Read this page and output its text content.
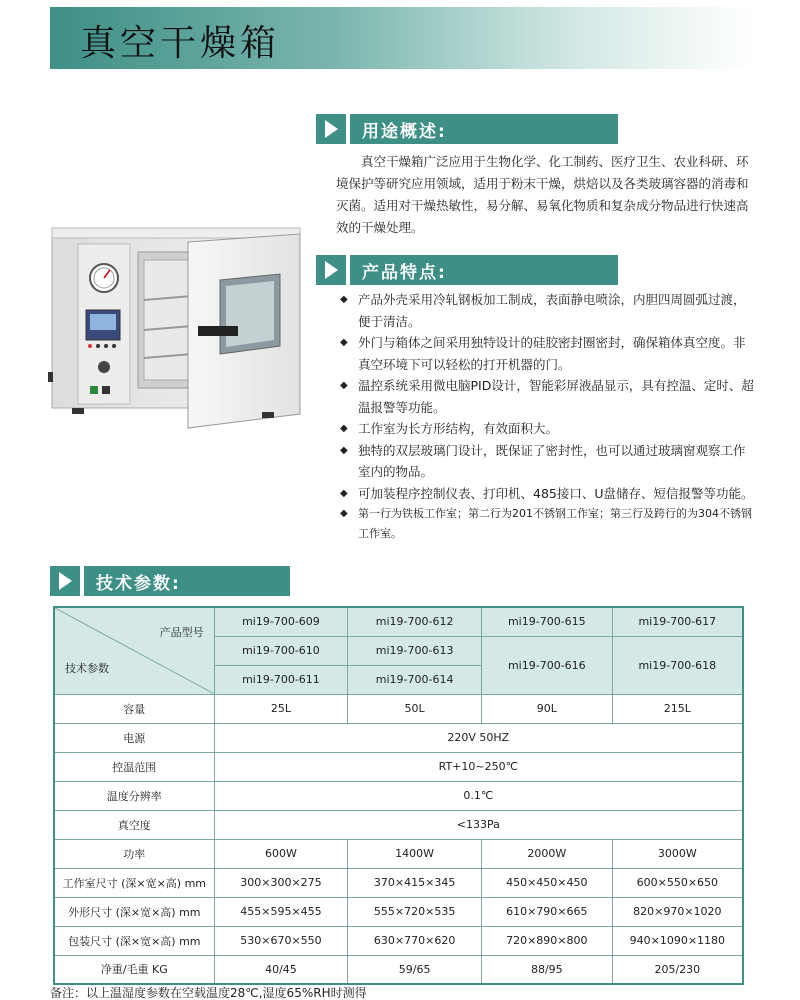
真空干燥箱
用途概述:

真空干燥箱广泛应用于生物化学、化工制药、医疗卫生、农业科研、环境保护等研究应用领域，适用于粉末干燥，烘焙以及各类玻璃容器的消毒和灭菌。适用对干燥热敏性，易分解、易氧化物质和复杂成分物品进行快速高效的干燥处理。

产品特点:
◆ 产品外壳采用冷轧钢板加工制成，表面静电喷涂，内胆四周圆弧过渡，便于清洁。
◆ 外门与箱体之间采用独特设计的硅胶密封圈密封，确保箱体真空度。非真空环境下可以轻松的打开机器的门。
◆ 温控系统采用微电脑PID设计，智能彩屏液晶显示，具有控温、定时、超温报警等功能。
◆ 工作室为长方形结构，有效面积大。
◆ 独特的双层玻璃门设计，既保证了密封性，也可以通过玻璃窗观察工作室内的物品。
◆ 可加装程序控制仪表、打印机、485接口、U盘储存、短信报警等功能。
◆ 第一行为铁板工作室；第二行为201不锈钢工作室；第三行及跨行的为304不锈钢工作室。
技术参数:
产品型号
技术参数	mi19-700-609	mi19-700-612	mi19-700-615	mi19-700-617
	mi19-700-610	mi19-700-613	mi19-700-616	mi19-700-618
	mi19-700-611	mi19-700-614		
容量	25L	50L	90L	215L
电源	220V 50HZ			
控温范围	RT+10~250℃			
温度分辨率	0.1℃			
真空度	<133Pa			
功率	600W	1400W	2000W	3000W
工作室尺寸 (深×宽×高) mm	300×300×275	370×415×345	450×450×450	600×550×650
外形尺寸 (深×宽×高) mm	455×595×455	555×720×535	610×790×665	820×970×1020
包装尺寸 (深×宽×高) mm	530×670×550	630×770×620	720×890×800	940×1090×1180
净重/毛重 KG	40/45	59/65	88/95	205/230
备注：以上温湿度参数在空载温度28℃,湿度65%RH时测得
